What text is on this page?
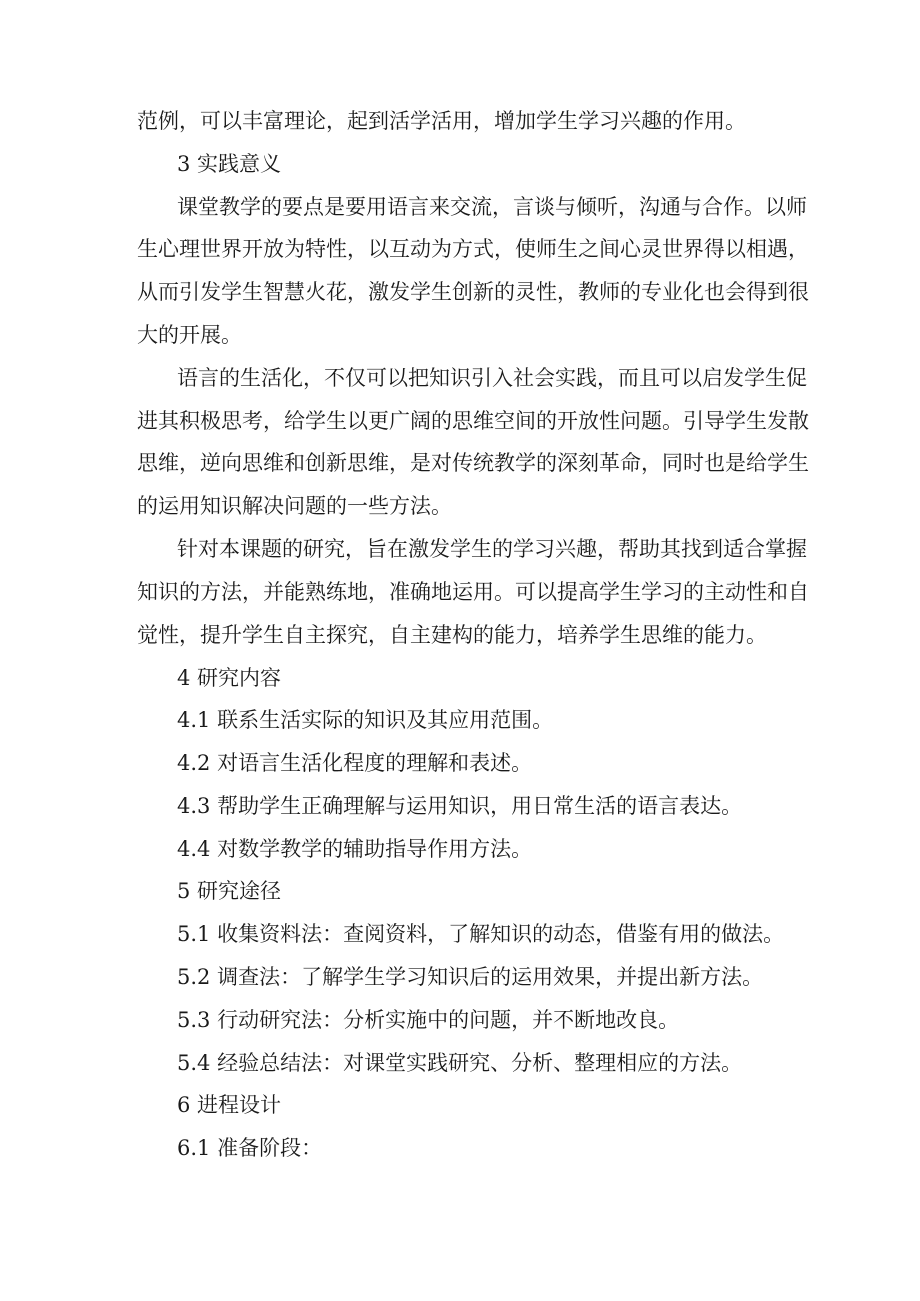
范例，可以丰富理论，起到活学活用，增加学生学习兴趣的作用。
3 实践意义
课堂教学的要点是要用语言来交流，言谈与倾听，沟通与合作。以师
生心理世界开放为特性，以互动为方式，使师生之间心灵世界得以相遇，
从而引发学生智慧火花，激发学生创新的灵性，教师的专业化也会得到很
大的开展。
语言的生活化，不仅可以把知识引入社会实践，而且可以启发学生促
进其积极思考，给学生以更广阔的思维空间的开放性问题。引导学生发散
思维，逆向思维和创新思维，是对传统教学的深刻革命，同时也是给学生
的运用知识解决问题的一些方法。
针对本课题的研究，旨在激发学生的学习兴趣，帮助其找到适合掌握
知识的方法，并能熟练地，准确地运用。可以提高学生学习的主动性和自
觉性，提升学生自主探究，自主建构的能力，培养学生思维的能力。
4 研究内容
4.1 联系生活实际的知识及其应用范围。
4.2 对语言生活化程度的理解和表述。
4.3 帮助学生正确理解与运用知识，用日常生活的语言表达。
4.4 对数学教学的辅助指导作用方法。
5 研究途径
5.1 收集资料法：查阅资料，了解知识的动态，借鉴有用的做法。
5.2 调查法：了解学生学习知识后的运用效果，并提出新方法。
5.3 行动研究法：分析实施中的问题，并不断地改良。
5.4 经验总结法：对课堂实践研究、分析、整理相应的方法。
6 进程设计
6.1 准备阶段：
